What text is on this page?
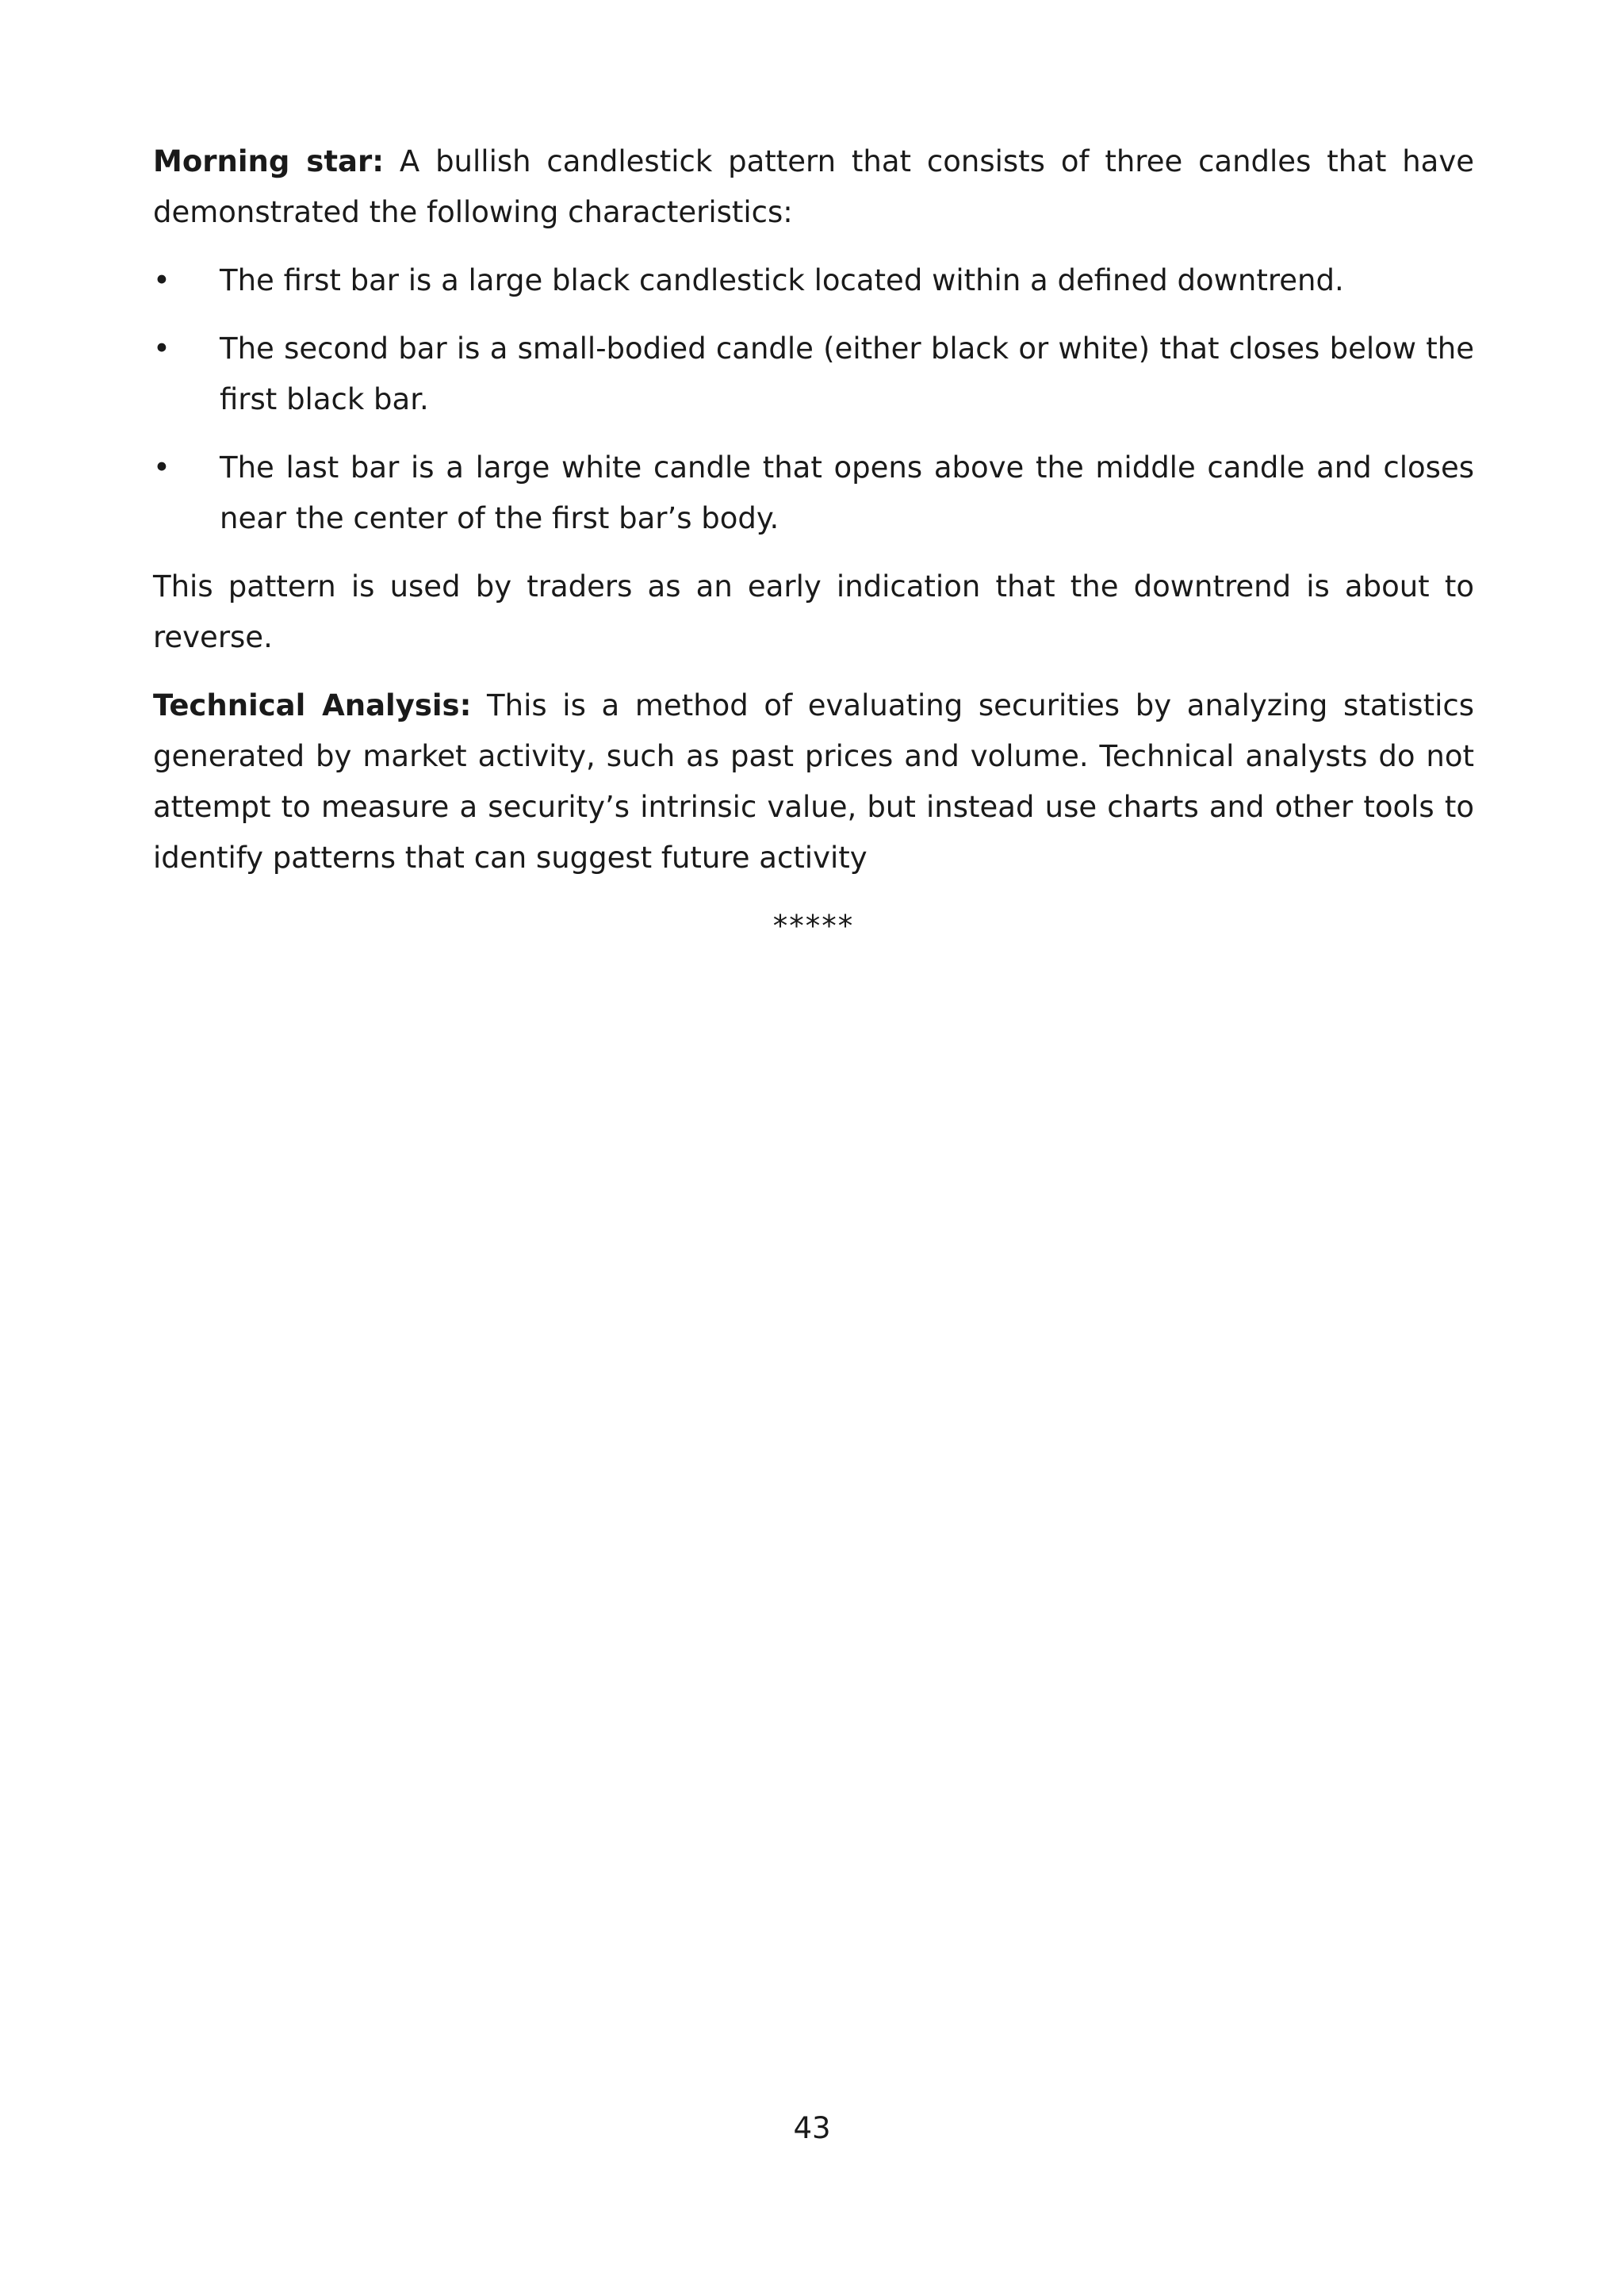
Morning star: A bullish candlestick pattern that consists of three candles that have demonstrated the following characteristics:

•	The first bar is a large black candlestick located within a defined downtrend.
•	The second bar is a small-bodied candle (either black or white) that closes below the first black bar.
•	The last bar is a large white candle that opens above the middle candle and closes near the center of the first bar’s body.

This pattern is used by traders as an early indication that the downtrend is about to reverse.

Technical Analysis: This is a method of evaluating securities by analyzing statistics generated by market activity, such as past prices and volume. Technical analysts do not attempt to measure a security’s intrinsic value, but instead use charts and other tools to identify patterns that can suggest future activity

*****
43
